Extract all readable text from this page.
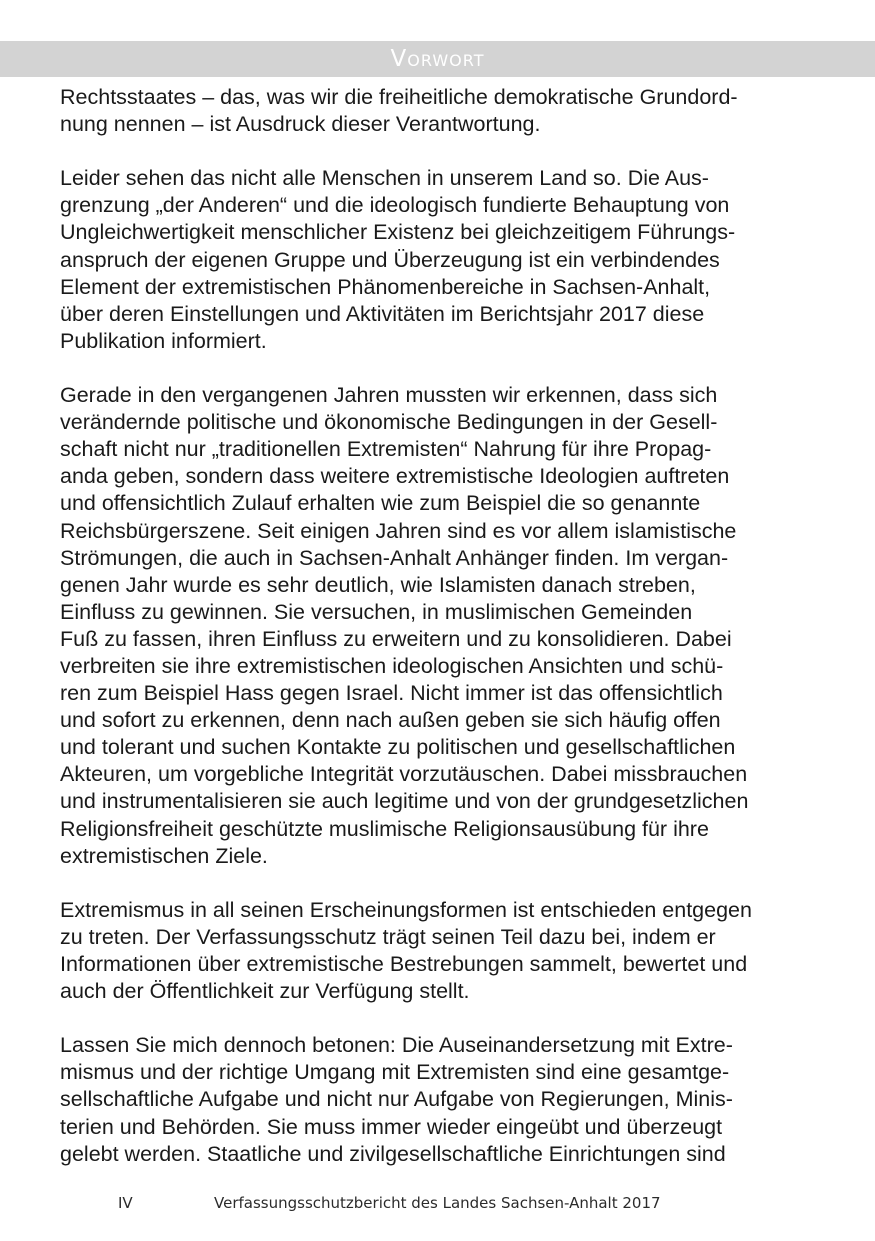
Vorwort

Rechtsstaates – das, was wir die freiheitliche demokratische Grundord-
nung nennen – ist Ausdruck dieser Verantwortung.

Leider sehen das nicht alle Menschen in unserem Land so. Die Aus-
grenzung „der Anderen“ und die ideologisch fundierte Behauptung von
Ungleichwertigkeit menschlicher Existenz bei gleichzeitigem Führungs-
anspruch der eigenen Gruppe und Überzeugung ist ein verbindendes
Element der extremistischen Phänomenbereiche in Sachsen-Anhalt,
über deren Einstellungen und Aktivitäten im Berichtsjahr 2017 diese
Publikation informiert.

Gerade in den vergangenen Jahren mussten wir erkennen, dass sich
verändernde politische und ökonomische Bedingungen in der Gesell-
schaft nicht nur „traditionellen Extremisten“ Nahrung für ihre Propag-
anda geben, sondern dass weitere extremistische Ideologien auftreten
und offensichtlich Zulauf erhalten wie zum Beispiel die so genannte
Reichsbürgerszene. Seit einigen Jahren sind es vor allem islamistische
Strömungen, die auch in Sachsen-Anhalt Anhänger finden. Im vergan-
genen Jahr wurde es sehr deutlich, wie Islamisten danach streben,
Einfluss zu gewinnen. Sie versuchen, in muslimischen Gemeinden
Fuß zu fassen, ihren Einfluss zu erweitern und zu konsolidieren. Dabei
verbreiten sie ihre extremistischen ideologischen Ansichten und schü-
ren zum Beispiel Hass gegen Israel. Nicht immer ist das offensichtlich
und sofort zu erkennen, denn nach außen geben sie sich häufig offen
und tolerant und suchen Kontakte zu politischen und gesellschaftlichen
Akteuren, um vorgebliche Integrität vorzutäuschen. Dabei missbrauchen
und instrumentalisieren sie auch legitime und von der grundgesetzlichen
Religionsfreiheit geschützte muslimische Religionsausübung für ihre
extremistischen Ziele.

Extremismus in all seinen Erscheinungsformen ist entschieden entgegen
zu treten. Der Verfassungsschutz trägt seinen Teil dazu bei, indem er
Informationen über extremistische Bestrebungen sammelt, bewertet und
auch der Öffentlichkeit zur Verfügung stellt.

Lassen Sie mich dennoch betonen: Die Auseinandersetzung mit Extre-
mismus und der richtige Umgang mit Extremisten sind eine gesamtge-
sellschaftliche Aufgabe und nicht nur Aufgabe von Regierungen, Minis-
terien und Behörden. Sie muss immer wieder eingeübt und überzeugt
gelebt werden. Staatliche und zivilgesellschaftliche Einrichtungen sind

IV	Verfassungsschutzbericht des Landes Sachsen-Anhalt 2017
